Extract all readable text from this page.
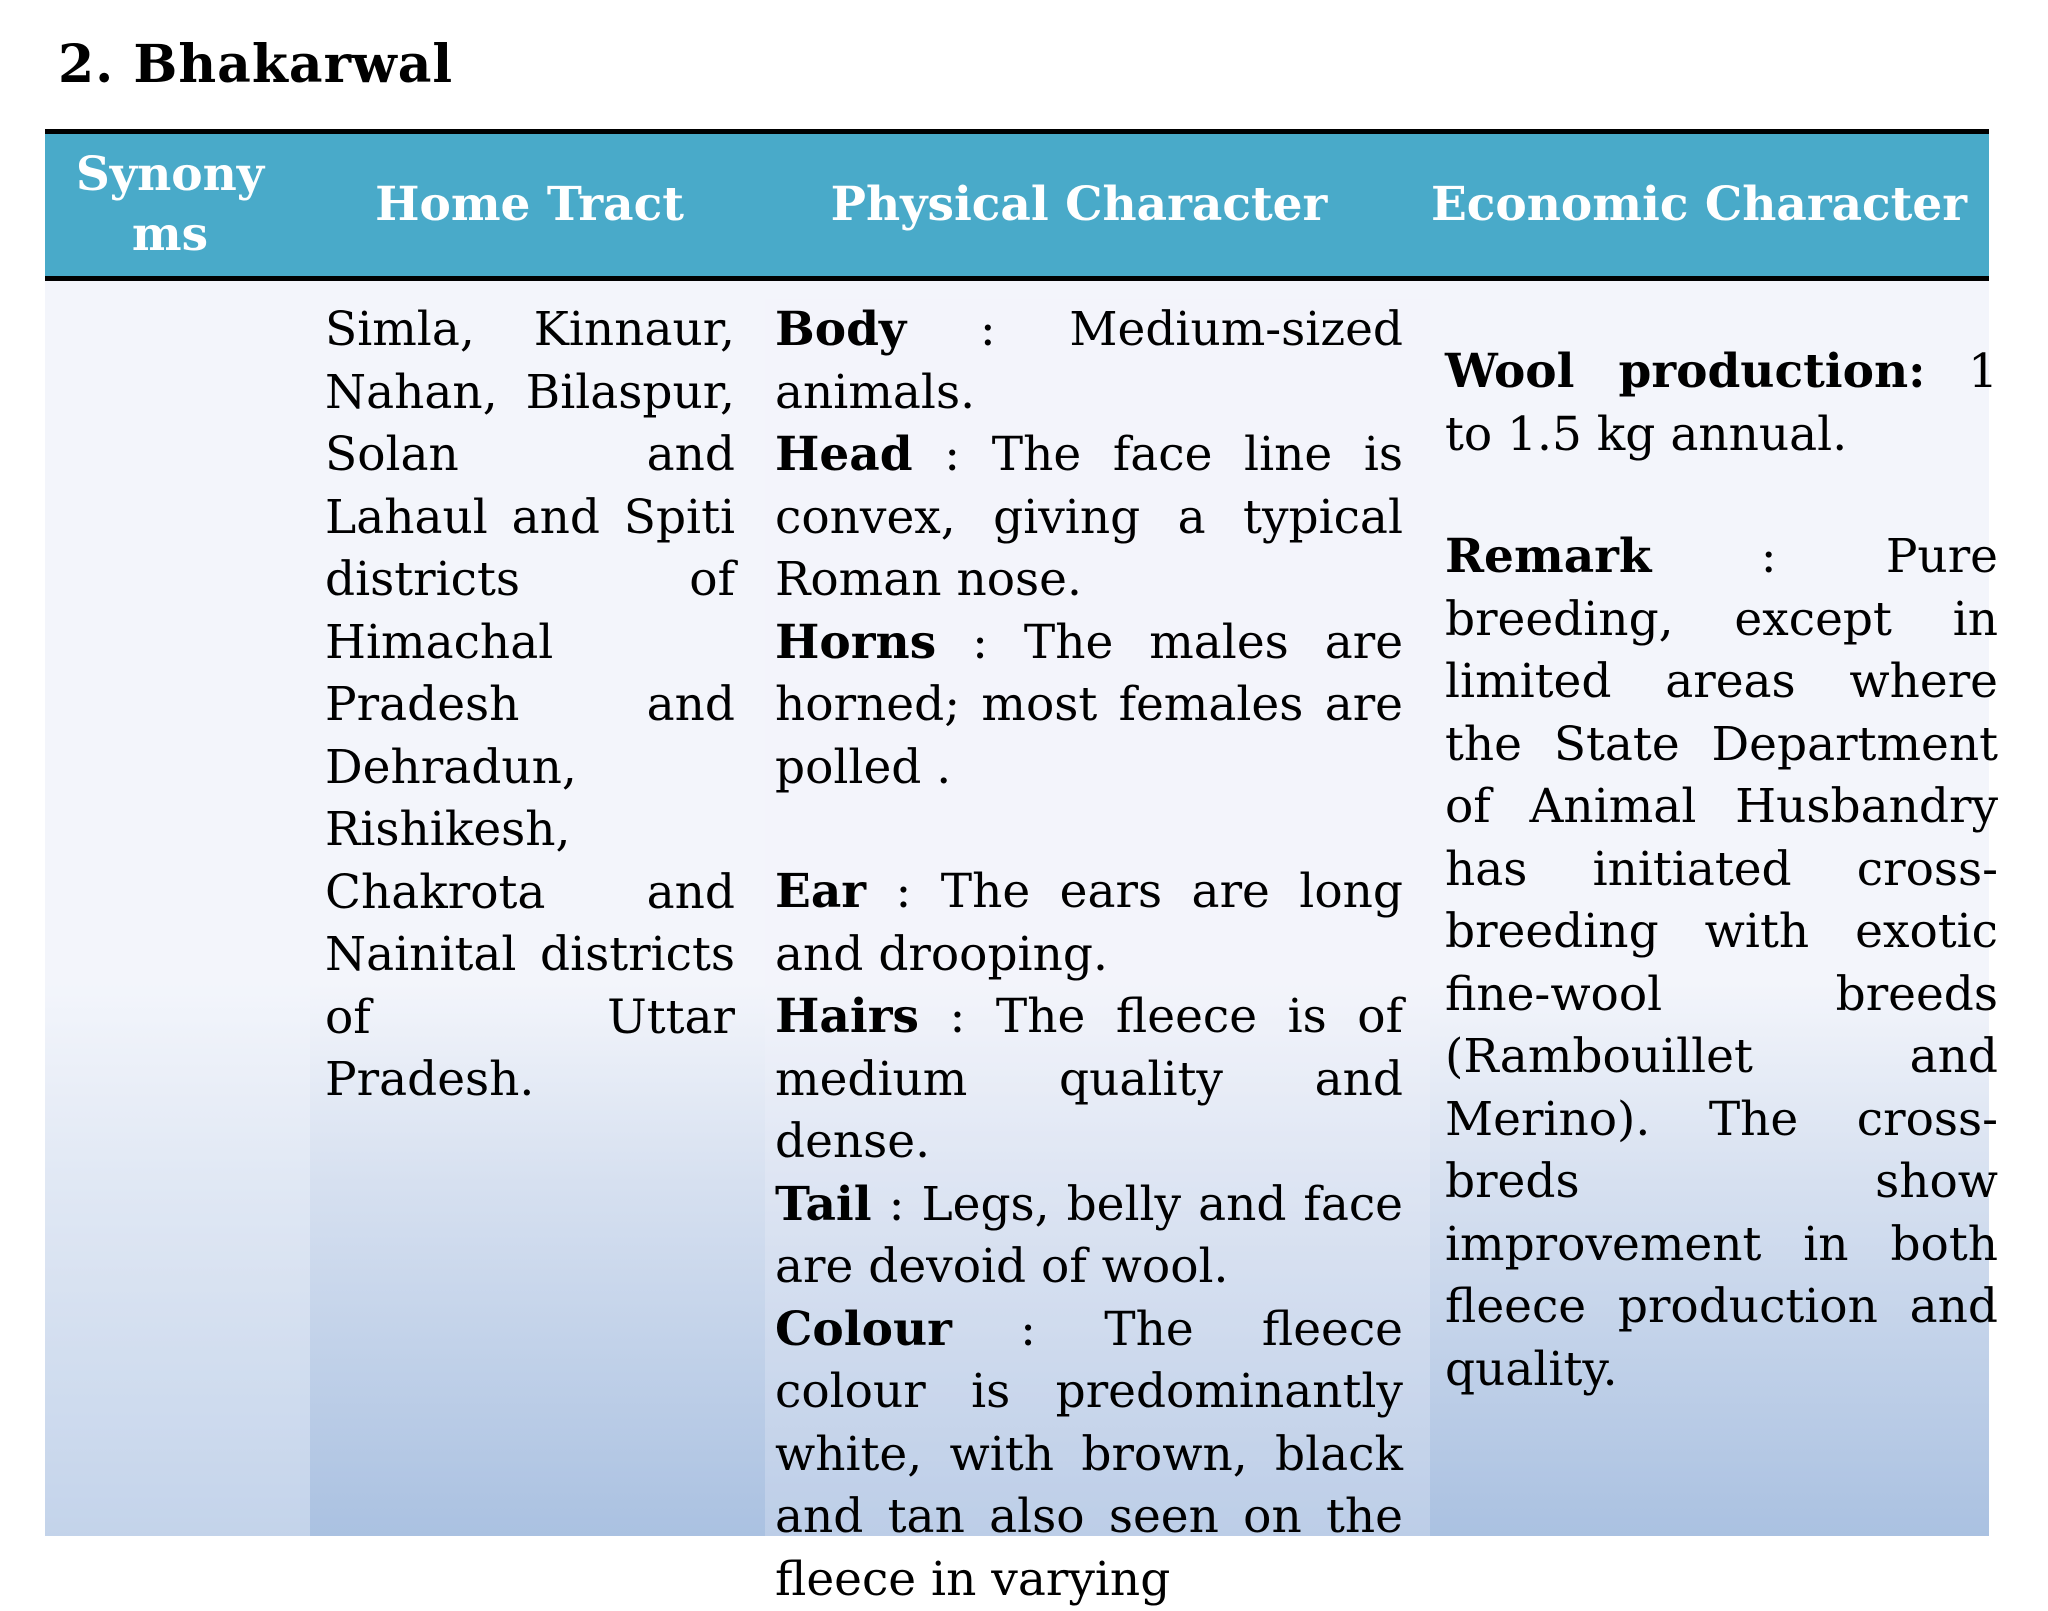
2. Bhakarwal
Synonyms
Home Tract	Physical Character	Economic Character

Simla, Kinnaur, Nahan, Bilaspur, Solan and Lahaul and Spiti districts of Himachal Pradesh and Dehradun, Rishikesh, Chakrota and Nainital districts of Uttar Pradesh.

Body : Medium-sized animals.

Head : The face line is convex, giving a typical Roman nose.

Horns : The males are horned; most females are polled .

Ear : The ears are long and drooping.

Hairs : The fleece is of medium quality and dense.

Tail : Legs, belly and face are devoid of wool.

Colour : The fleece colour is predominantly white, with brown, black and tan also seen on the fleece in varying

Wool production: 1 to 1.5 kg annual.

Remark : Pure breeding, except in limited areas where the State Department of Animal Husbandry has initiated cross-breeding with exotic fine-wool breeds (Rambouillet and Merino). The cross-breds show improvement in both fleece production and quality.
